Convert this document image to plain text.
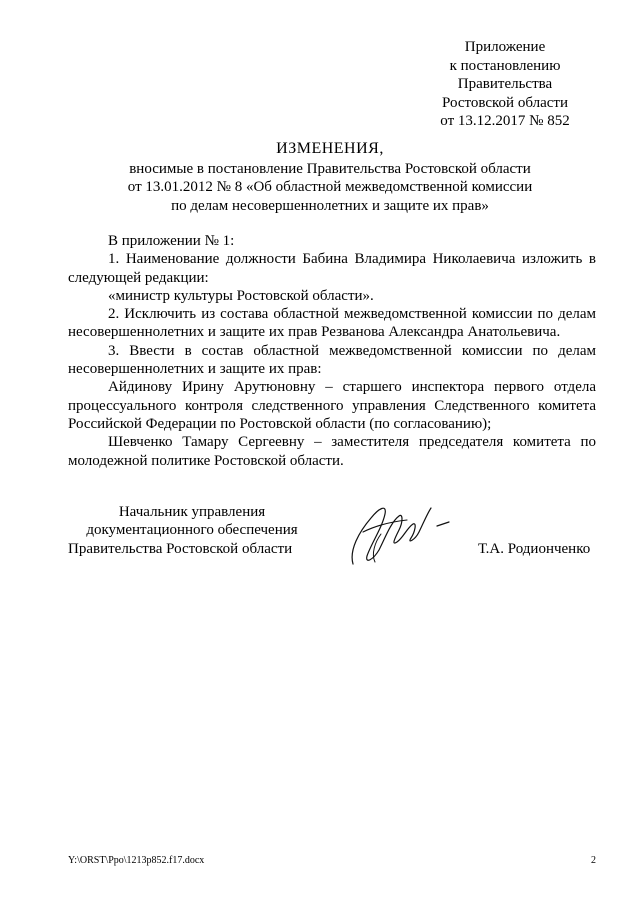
Приложение
к постановлению
Правительства
Ростовской области
от 13.12.2017 № 852
ИЗМЕНЕНИЯ,
вносимые в постановление Правительства Ростовской области
от 13.01.2012 № 8 «Об областной межведомственной комиссии
по делам несовершеннолетних и защите их прав»

В приложении № 1:

1. Наименование должности Бабина Владимира Николаевича изложить в следующей редакции:

«министр культуры Ростовской области».

2. Исключить из состава областной межведомственной комиссии по делам несовершеннолетних и защите их прав Резванова Александра Анатольевича.

3. Ввести в состав областной межведомственной комиссии по делам несовершеннолетних и защите их прав:

Айдинову Ирину Арутюновну – старшего инспектора первого отдела процессуального контроля следственного управления Следственного комитета Российской Федерации по Ростовской области (по согласованию);

Шевченко Тамару Сергеевну – заместителя председателя комитета по молодежной политике Ростовской области.

Начальник управления
документационного обеспечения
Правительства Ростовской области	Т.А. Родионченко
Y:\ORST\Ppo\1213p852.f17.docx	2
